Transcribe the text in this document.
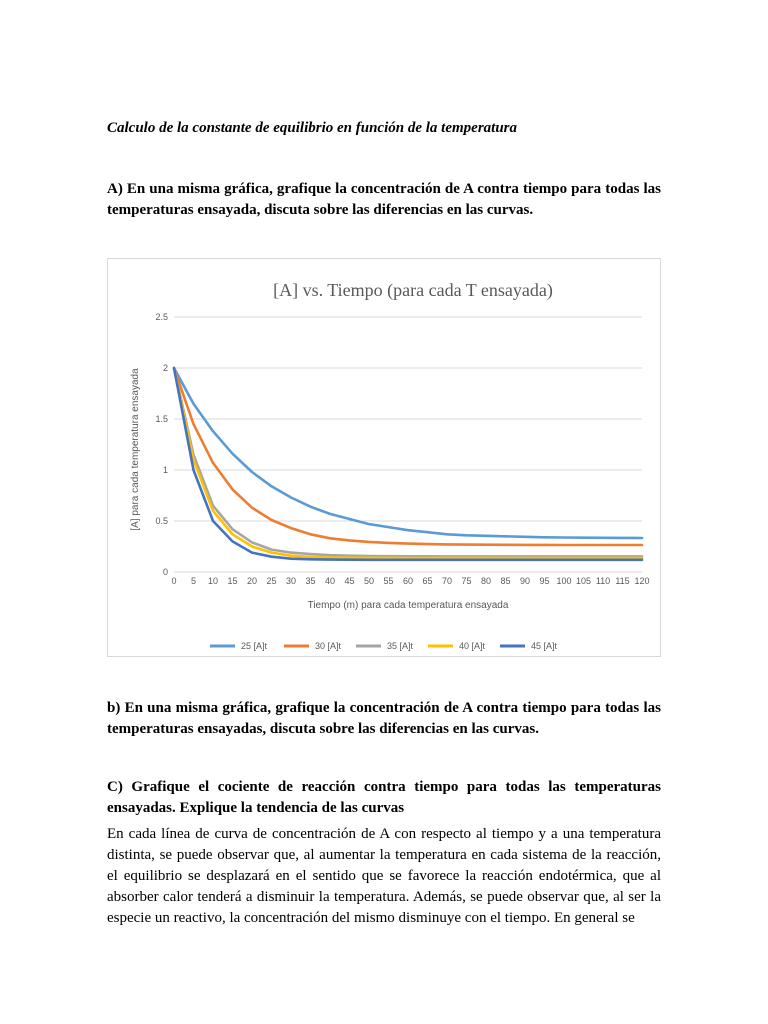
Calculo de la constante de equilibrio en función de la temperatura
A) En una misma gráfica, grafique la concentración de A contra tiempo para todas las temperaturas ensayada, discuta sobre las diferencias en las curvas.
[A] vs. Tiempo (para cada T ensayada)
0
0.5
1
1.5
2
2.5
0 5 10 15 20 25 30 35 40 45 50 55 60 65 70 75 80 85 90 95 100 105 110 115 120
Tiempo (m) para cada temperatura ensayada
[A] para cada temperatura ensayada
25 [A]t	30 [A]t	35 [A]t	40 [A]t	45 [A]t
b) En una misma gráfica, grafique la concentración de A contra tiempo para todas las temperaturas ensayadas, discuta sobre las diferencias en las curvas.
C) Grafique el cociente de reacción contra tiempo para todas las temperaturas ensayadas. Explique la tendencia de las curvas
En cada línea de curva de concentración de A con respecto al tiempo y a una temperatura distinta, se puede observar que, al aumentar la temperatura en cada sistema de la reacción, el equilibrio se desplazará en el sentido que se favorece la reacción endotérmica, que al absorber calor tenderá a disminuir la temperatura. Además, se puede observar que, al ser la especie un reactivo, la concentración del mismo disminuye con el tiempo. En general se
